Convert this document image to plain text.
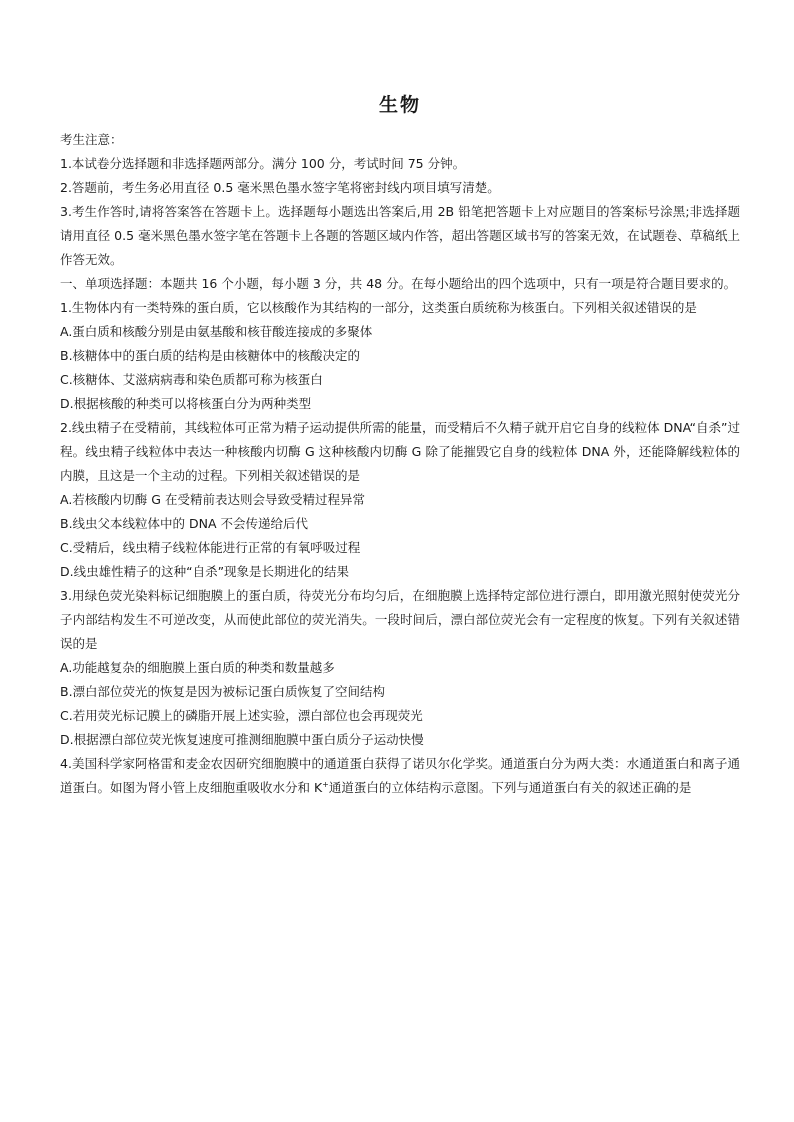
生物

考生注意：

1.本试卷分选择题和非选择题两部分。满分 100 分，考试时间 75 分钟。

2.答题前，考生务必用直径 0.5 毫米黑色墨水签字笔将密封线内项目填写清楚。

3.考生作答时,请将答案答在答题卡上。选择题每小题选出答案后,用 2B 铅笔把答题卡上对应题目的答案标号涂黑;非选择题请用直径 0.5 毫米黑色墨水签字笔在答题卡上各题的答题区域内作答，超出答题区域书写的答案无效，在试题卷、草稿纸上作答无效。

一、单项选择题：本题共 16 个小题，每小题 3 分，共 48 分。在每小题给出的四个选项中，只有一项是符合题目要求的。

1.生物体内有一类特殊的蛋白质，它以核酸作为其结构的一部分，这类蛋白质统称为核蛋白。下列相关叙述错误的是

A.蛋白质和核酸分别是由氨基酸和核苷酸连接成的多聚体

B.核糖体中的蛋白质的结构是由核糖体中的核酸决定的

C.核糖体、艾滋病病毒和染色质都可称为核蛋白

D.根据核酸的种类可以将核蛋白分为两种类型

2.线虫精子在受精前，其线粒体可正常为精子运动提供所需的能量，而受精后不久精子就开启它自身的线粒体 DNA“自杀”过程。线虫精子线粒体中表达一种核酸内切酶 G 这种核酸内切酶 G 除了能摧毁它自身的线粒体 DNA 外，还能降解线粒体的内膜，且这是一个主动的过程。下列相关叙述错误的是

A.若核酸内切酶 G 在受精前表达则会导致受精过程异常

B.线虫父本线粒体中的 DNA 不会传递给后代

C.受精后，线虫精子线粒体能进行正常的有氧呼吸过程

D.线虫雄性精子的这种“自杀”现象是长期进化的结果

3.用绿色荧光染料标记细胞膜上的蛋白质，待荧光分布均匀后，在细胞膜上选择特定部位进行漂白，即用激光照射使荧光分子内部结构发生不可逆改变，从而使此部位的荧光消失。一段时间后，漂白部位荧光会有一定程度的恢复。下列有关叙述错误的是

A.功能越复杂的细胞膜上蛋白质的种类和数量越多

B.漂白部位荧光的恢复是因为被标记蛋白质恢复了空间结构

C.若用荧光标记膜上的磷脂开展上述实验，漂白部位也会再现荧光

D.根据漂白部位荧光恢复速度可推测细胞膜中蛋白质分子运动快慢

4.美国科学家阿格雷和麦金农因研究细胞膜中的通道蛋白获得了诺贝尔化学奖。通道蛋白分为两大类：水通道蛋白和离子通道蛋白。如图为肾小管上皮细胞重吸收水分和 K+通道蛋白的立体结构示意图。下列与通道蛋白有关的叙述正确的是
